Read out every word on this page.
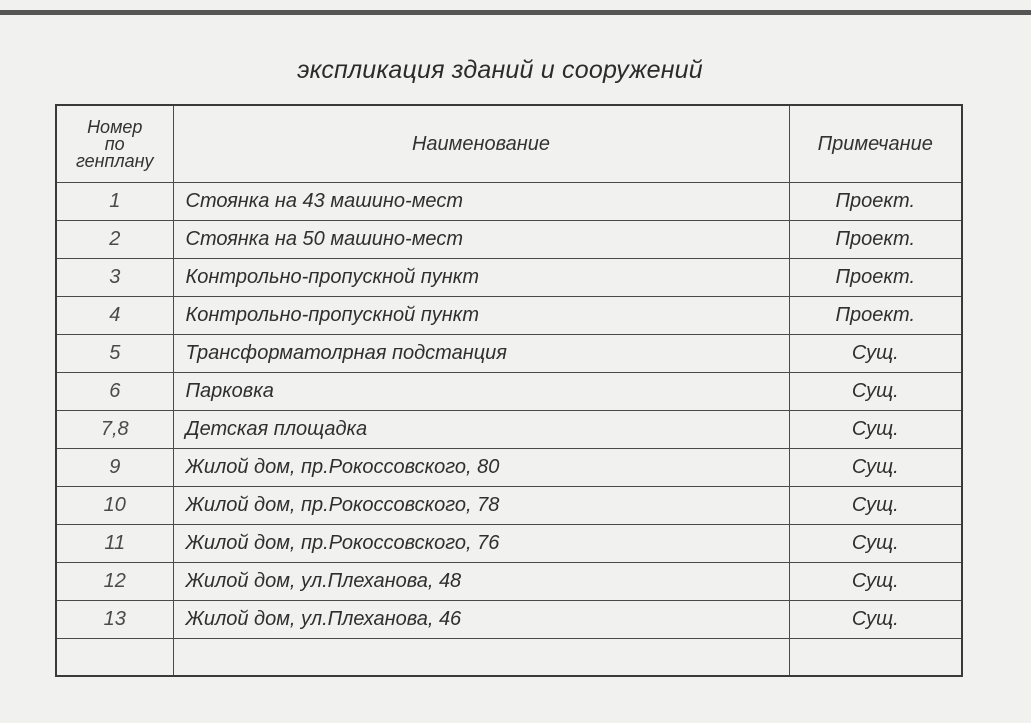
экспликация зданий и сооружений
Номер
по
генплану	Наименование	Примечание
1	Стоянка на 43 машино-мест	Проект.
2	Стоянка на 50 машино-мест	Проект.
3	Контрольно-пропускной пункт	Проект.
4	Контрольно-пропускной пункт	Проект.
5	Трансформатолрная подстанция	Сущ.
6	Парковка	Сущ.
7,8	Детская площадка	Сущ.
9	Жилой дом, пр.Рокоссовского, 80	Сущ.
10	Жилой дом, пр.Рокоссовского, 78	Сущ.
11	Жилой дом, пр.Рокоссовского, 76	Сущ.
12	Жилой дом, ул.Плеханова, 48	Сущ.
13	Жилой дом, ул.Плеханова, 46	Сущ.
